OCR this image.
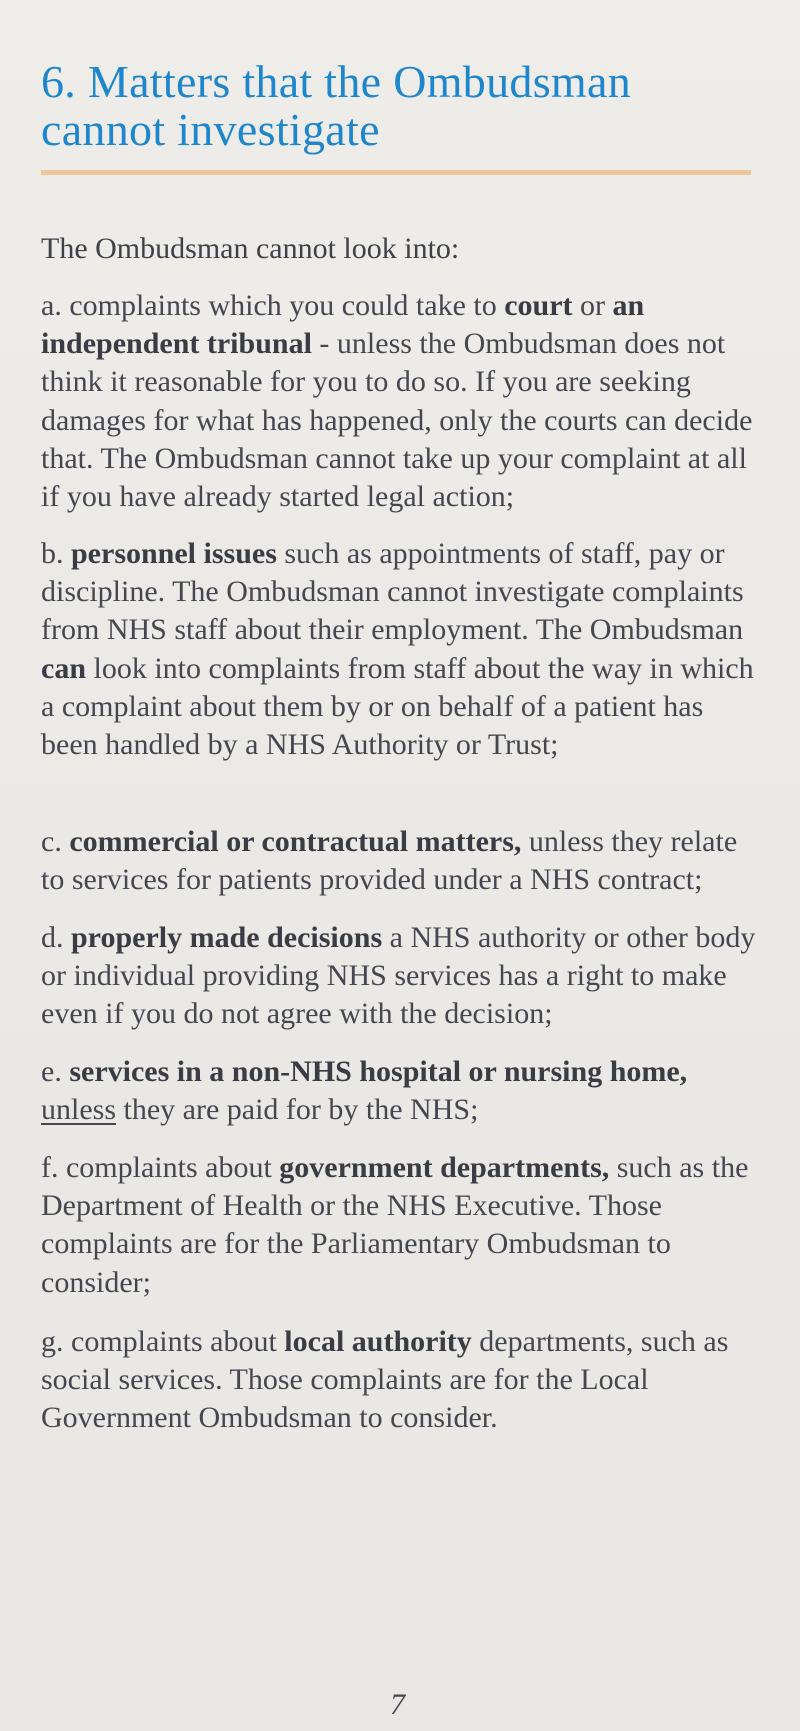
6. Matters that the Ombudsman cannot investigate

The Ombudsman cannot look into:

a. complaints which you could take to court or an independent tribunal - unless the Ombudsman does not think it reasonable for you to do so. If you are seeking damages for what has happened, only the courts can decide that. The Ombudsman cannot take up your complaint at all if you have already started legal action;

b. personnel issues such as appointments of staff, pay or discipline. The Ombudsman cannot investigate complaints from NHS staff about their employment. The Ombudsman can look into complaints from staff about the way in which a complaint about them by or on behalf of a patient has been handled by a NHS Authority or Trust;

c. commercial or contractual matters, unless they relate to services for patients provided under a NHS contract;

d. properly made decisions a NHS authority or other body or individual providing NHS services has a right to make even if you do not agree with the decision;

e. services in a non-NHS hospital or nursing home, unless they are paid for by the NHS;

f. complaints about government departments, such as the Department of Health or the NHS Executive. Those complaints are for the Parliamentary Ombudsman to consider;

g. complaints about local authority departments, such as social services. Those complaints are for the Local Government Ombudsman to consider.

7
